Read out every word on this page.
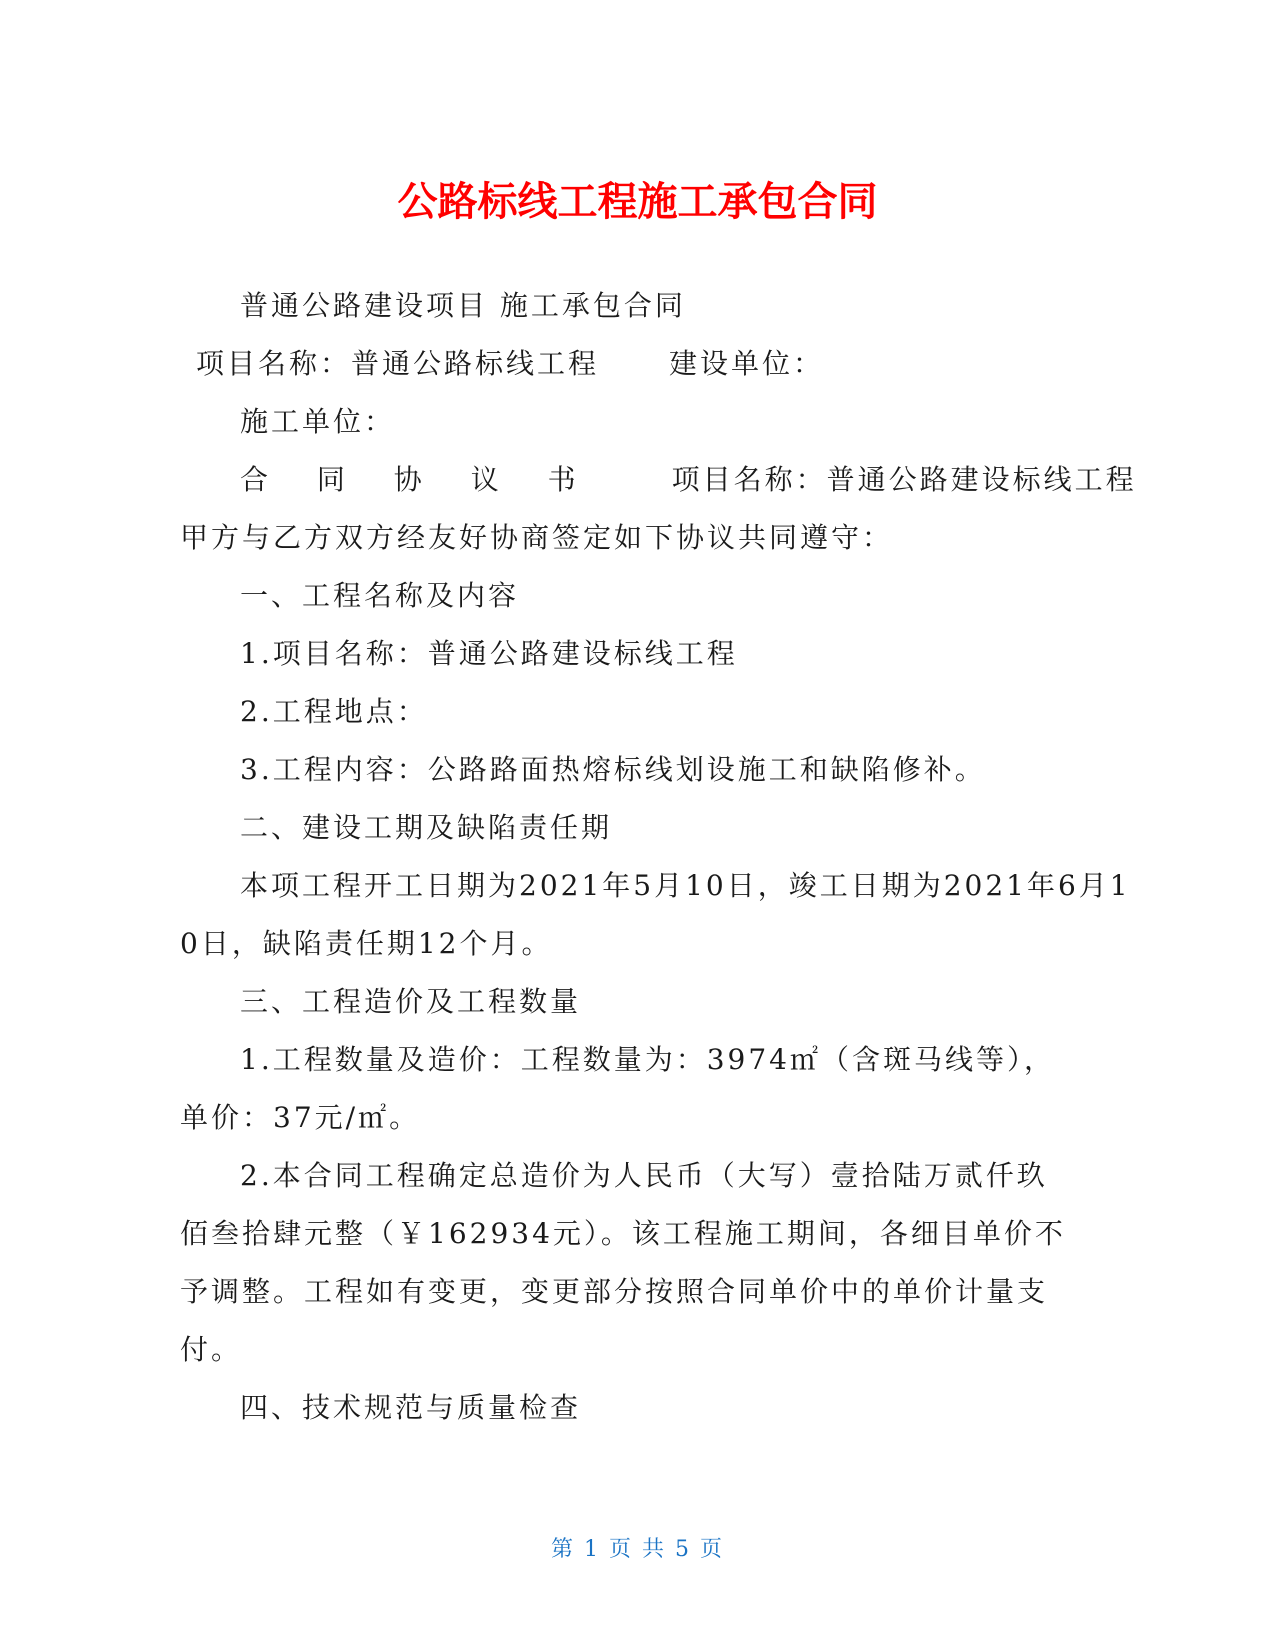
公路标线工程施工承包合同
普通公路建设项目 施工承包合同
项目名称：普通公路标线工程	建设单位：
施工单位：
合 同 协 议 书	项目名称：普通公路建设标线工程
甲方与乙方双方经友好协商签定如下协议共同遵守：
一、工程名称及内容
1.项目名称：普通公路建设标线工程
2.工程地点：
3.工程内容：公路路面热熔标线划设施工和缺陷修补。
二、建设工期及缺陷责任期
本项工程开工日期为2021年5月10日，竣工日期为2021年6月1
0日，缺陷责任期12个月。
三、工程造价及工程数量
1.工程数量及造价：工程数量为：3974㎡（含斑马线等），
单价：37元/㎡。
2.本合同工程确定总造价为人民币（大写）壹拾陆万贰仟玖
佰叁拾肆元整（￥162934元）。该工程施工期间，各细目单价不
予调整。工程如有变更，变更部分按照合同单价中的单价计量支
付。
四、技术规范与质量检查
第 1 页 共 5 页
